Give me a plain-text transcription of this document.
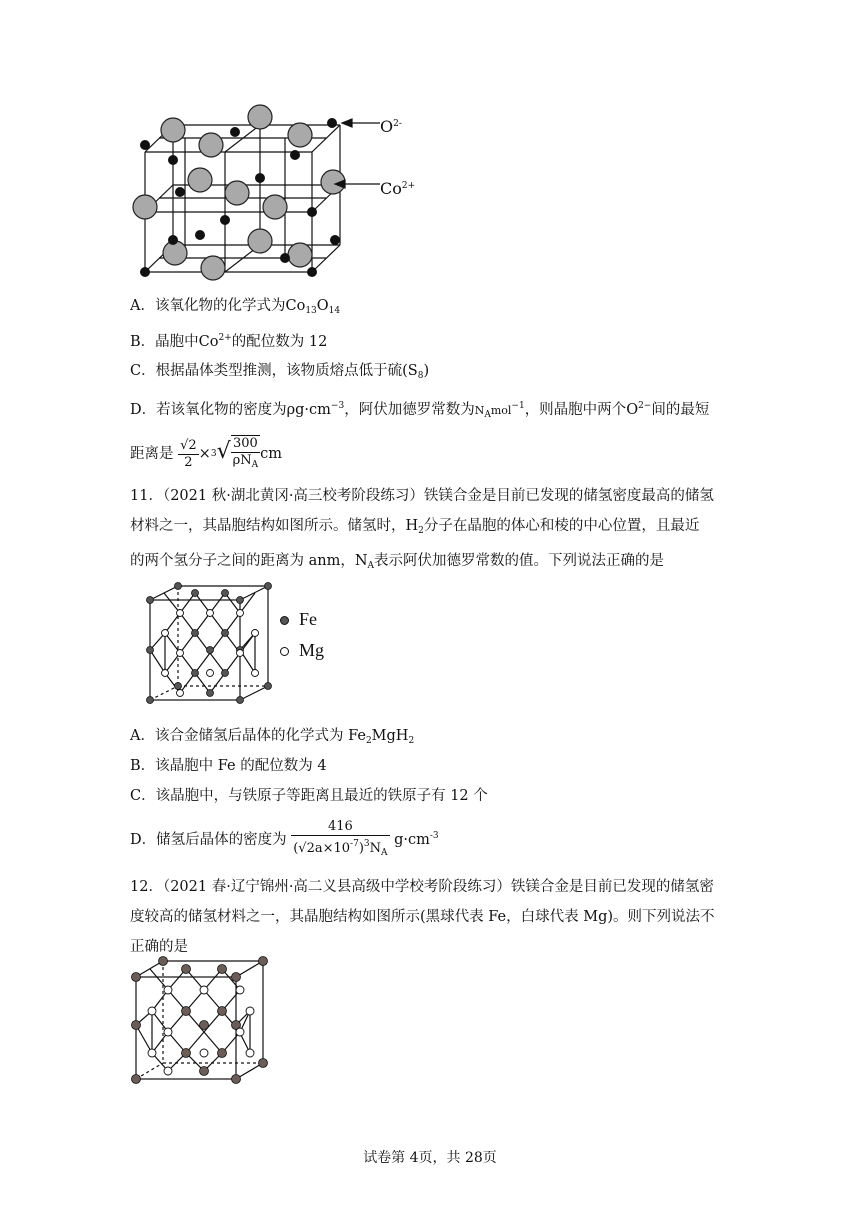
$O^{2-}$
$Co^{2+}$
A．该氧化物的化学式为$Co_{13}O_{14}$
B．晶胞中$Co^{2+}$的配位数为 12
C．根据晶体类型推测，该物质熔点低于硫$(S_8)$
D．若该氧化物的密度为$\rho g\cdot cm^{-3}$，阿伏加德罗常数为$N_Amol^{-1}$，则晶胞中两个$O^{2-}$间的最短
距离是 $\frac{√2}{2} \times^3√ \frac{300}{\rho N_A}$ cm
11．（2021 秋·湖北黄冈·高三校考阶段练习）铁镁合金是目前已发现的储氢密度最高的储氢
材料之一，其晶胞结构如图所示。储氢时，$H_2$分子在晶胞的体心和棱的中心位置，且最近
的两个氢分子之间的距离为 anm，$N_A$表示阿伏加德罗常数的值。下列说法正确的是
Fe
Mg
A．该合金储氢后晶体的化学式为 $Fe_2MgH_2$
B．该晶胞中 Fe 的配位数为 4
C．该晶胞中，与铁原子等距离且最近的铁原子有 12 个
D．储氢后晶体的密度为 $\frac{416}{(√2a\times 10^{-7})^3N_A} g\cdot cm^{-3}$
12．（2021 春·辽宁锦州·高二义县高级中学校考阶段练习）铁镁合金是目前已发现的储氢密
度较高的储氢材料之一，其晶胞结构如图所示(黑球代表 Fe，白球代表 Mg)。则下列说法不
正确的是
试卷第 4页，共 28页
